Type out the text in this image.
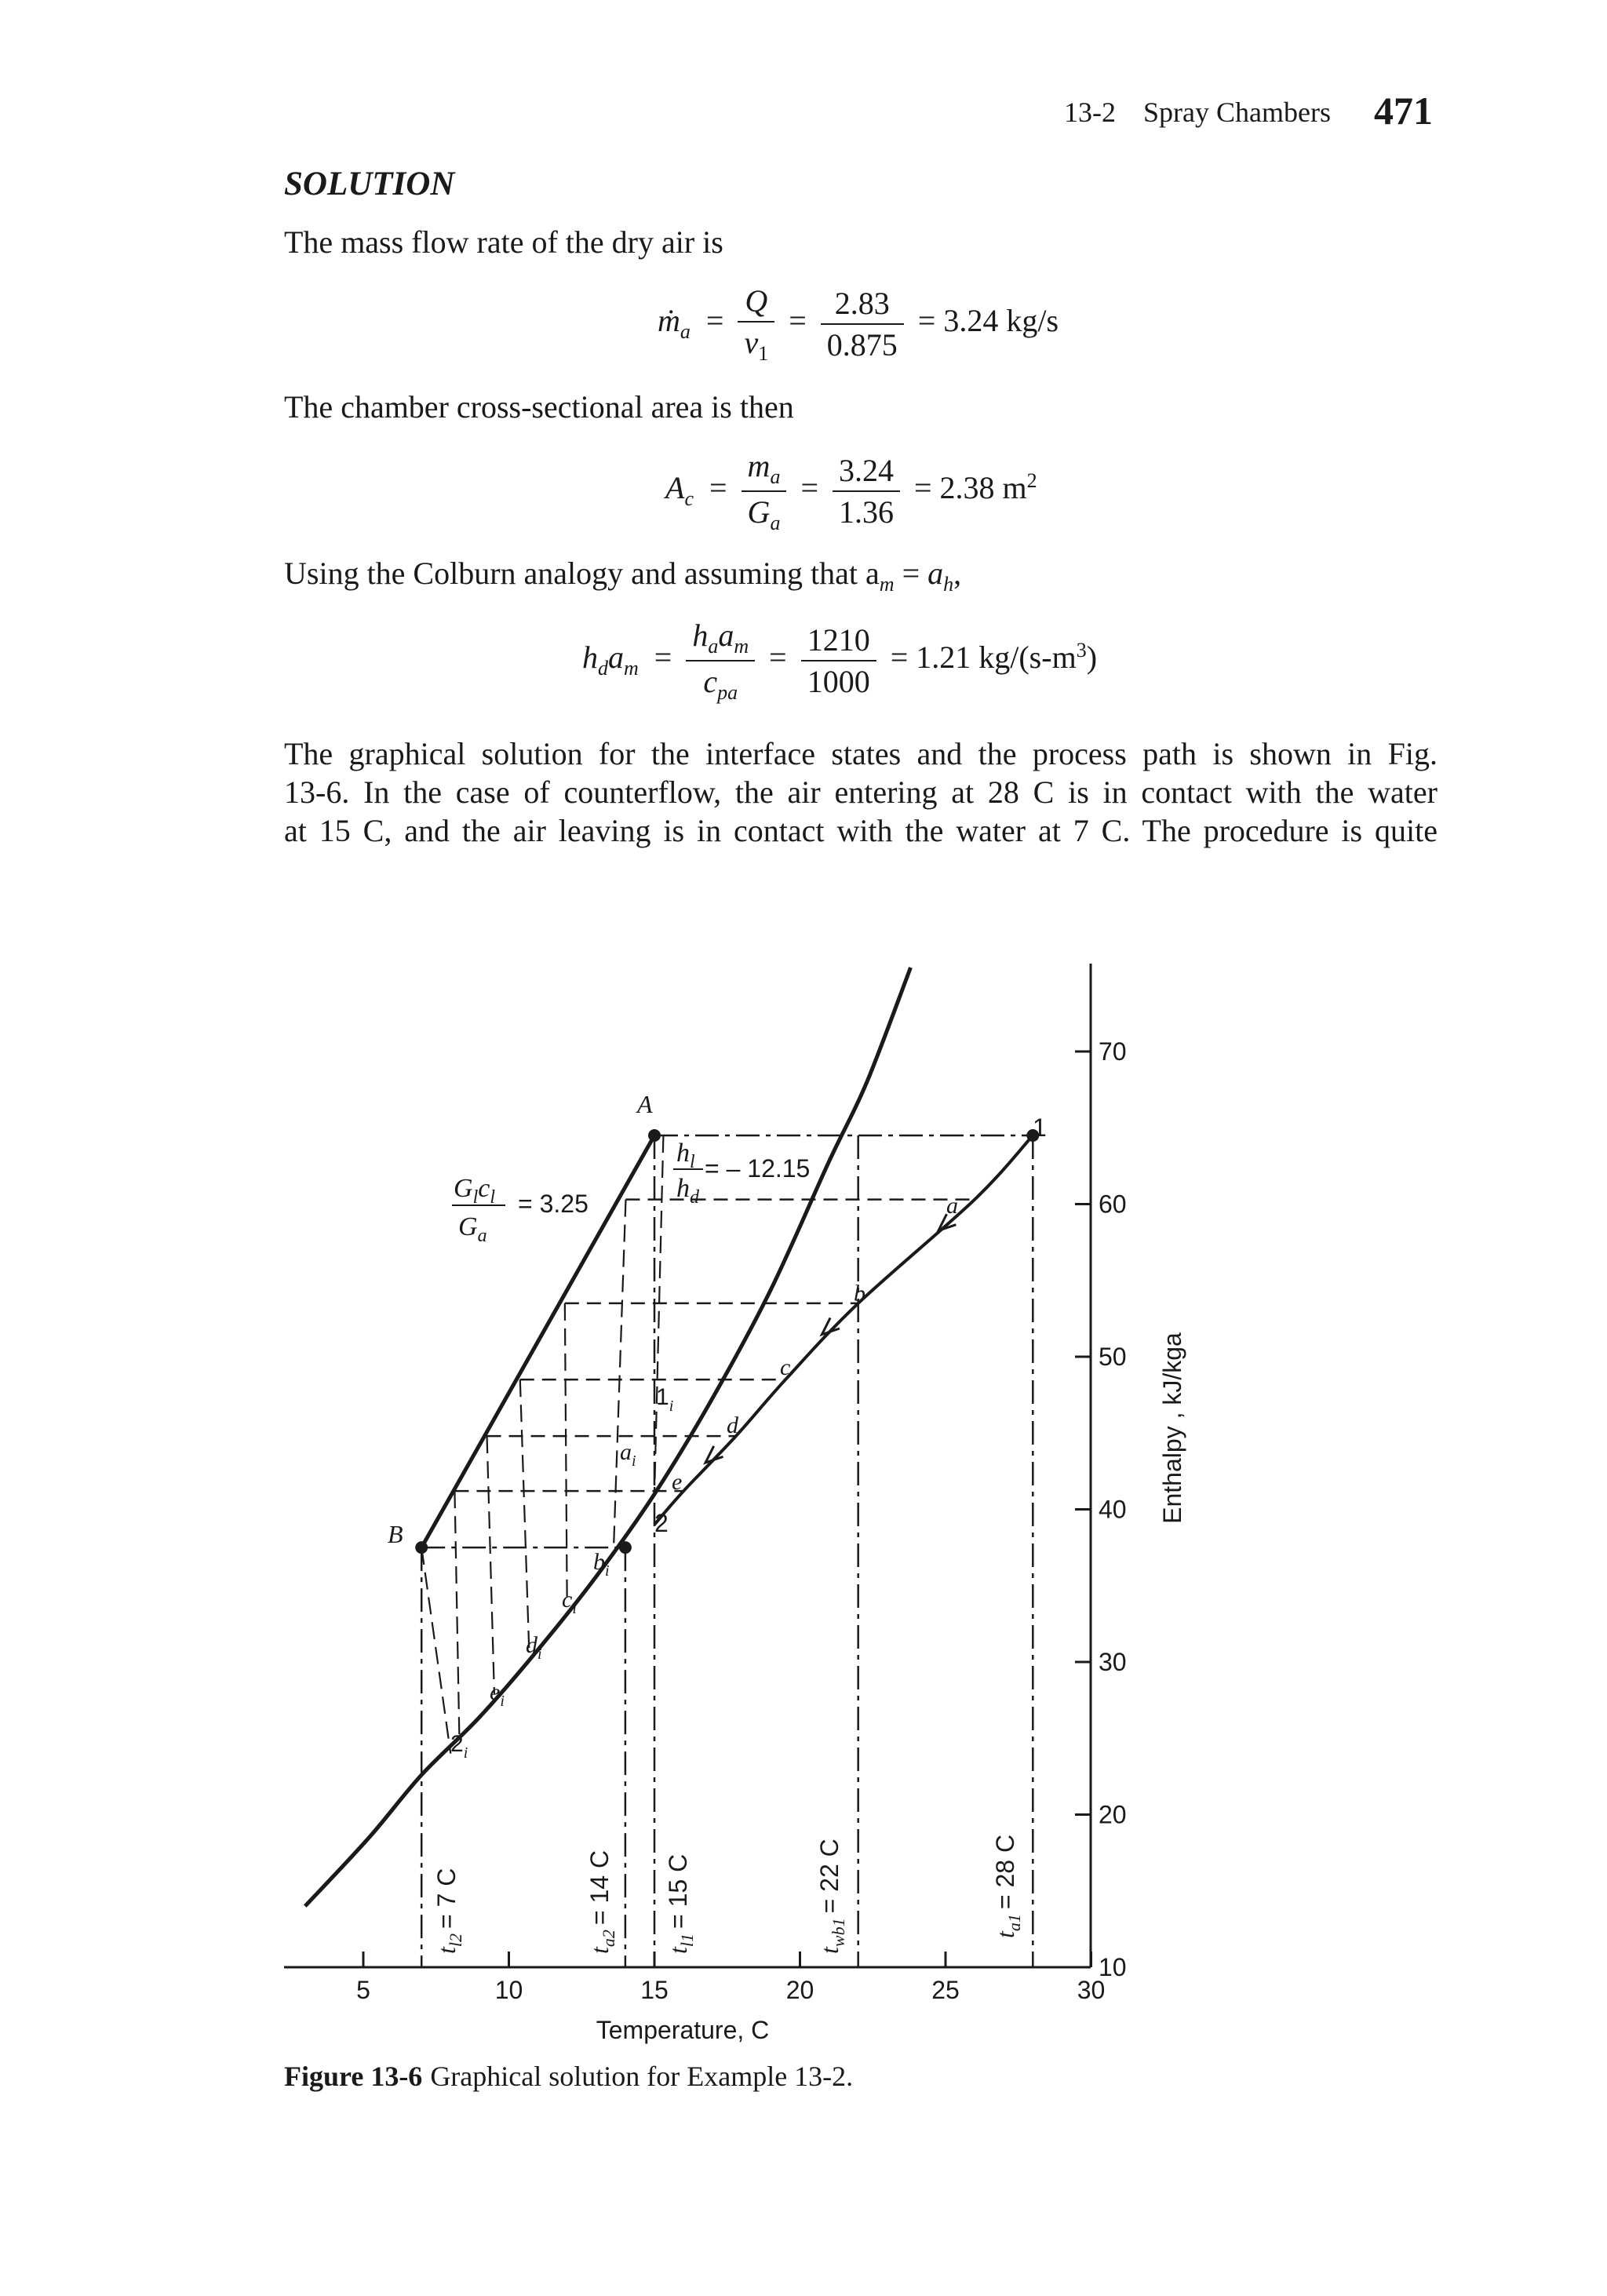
13-2 Spray Chambers 471
SOLUTION
The mass flow rate of the dry air is
ṁ$_a$  = $\frac{Q}{v_1} = \frac{2.83}{0.875} = 3.24$ kg/s
The chamber cross-sectional area is then
$A_c = \frac{m_a}{G_a} = \frac{3.24}{1.36} = 2.38$ $m^2$
Using the Colburn analogy and assuming that $a_m = a_h$,
$h_da_m = \frac{h_aa_m}{c_{pa}} = \frac{1210}{1000} = 1.21$ $kg/(s-m^3)$
The graphical solution for the interface states and the process path is shown in Fig.
13-6. In the case of counterflow, the air entering at 28 C is in contact with the water
at 15 C, and the air leaving is in contact with the water at 7 C. The procedure is quite
5	10	15	20	25	30
10
20
30
40
50
60
70
Temperature, C
Enthalpy , kJ/kga
$G_lc_l$
$G_a$
= 3.25
$h_l$
$h_d$
= – 12.15
$t_{l2}= 7$ C
$t_{a2}= 14$ C
$t_{l1}= 15$ C
$t_{wb1}= 22$ C
$t_{a1}= 28$ C
A
B
1
2
a
b
c
d
e
$1_i$
$a_i$
$b_i$
$c_i$
$d_i$
$e_i$
$2_i$
Figure 13-6 Graphical solution for Example 13-2.
